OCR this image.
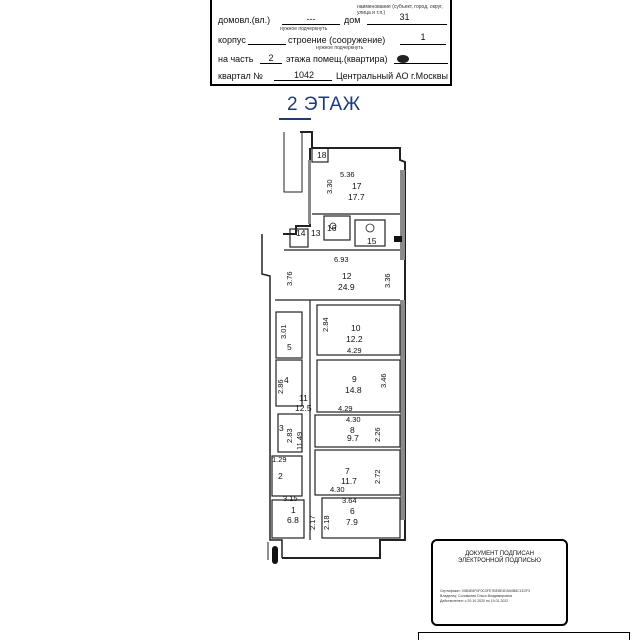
наименование (субъект, город, округ, улица и т.п.)
домовл.(вл.)	---	дом	31
нужное подчеркнуть
корпус	строение (сооружение)	1
нужное подчеркнуть
на часть	2	этажа помещ.(квартира)
квартал №	1042	Центральный АО г.Москвы
2 ЭТАЖ
18
17
17.7
16
15
14 13
12
24.9
10
12.2
9
14.8
8
9.7
7
11.7
6
7.9
5
4
3
2
1
6.8
11
12.5
5.36
6.93
4.29
4.29
4.30
1.29
4.30
3.64
3.15
3.30
3.76	3.36
2.84
3.01
2.86	3.46
2.83 11.49	2.26
2.72
2.17 2.18
ДОКУМЕНТ ПОДПИСАН
ЭЛЕКТРОННОЙ ПОДПИСЬЮ
Сертификат: 00B4E6F0F0C3FE7BE8E4D9A0B8C1E2F3
Владелец: Соловьева Ольга Владимировна
Действителен: с 20.10.2020 по 19.01.2022
